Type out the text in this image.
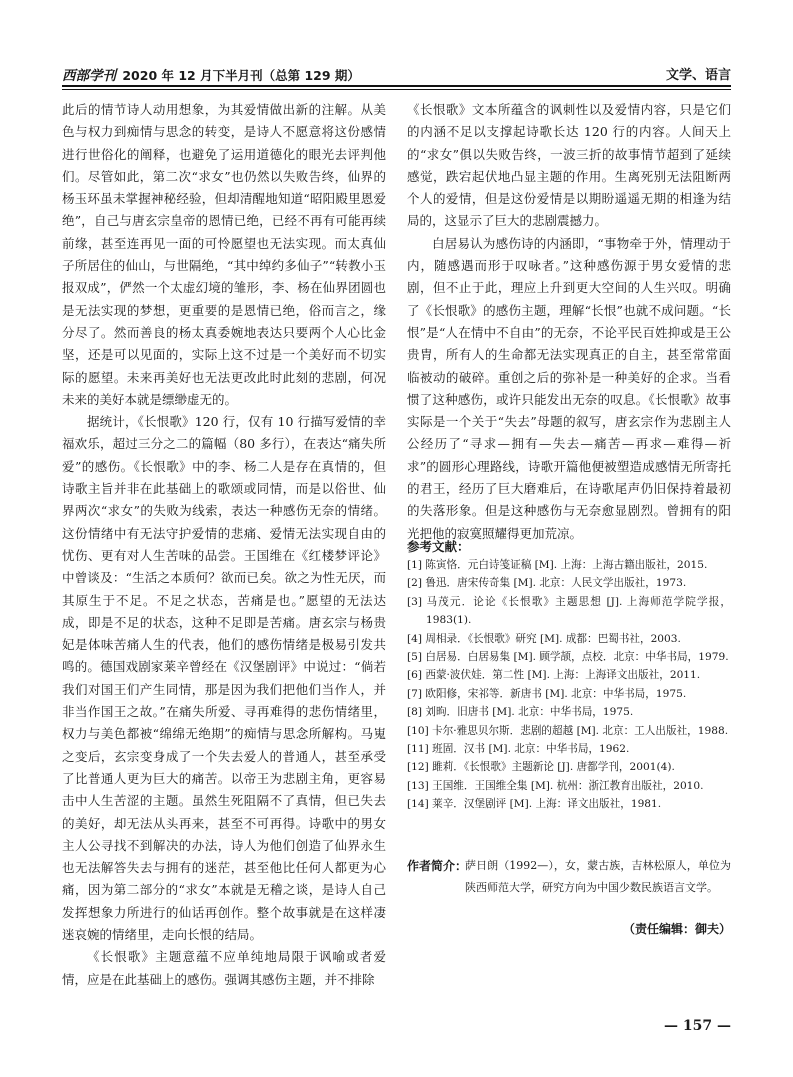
西部学刊 2020 年 12 月下半月刊（总第 129 期）	文学、语言

此后的情节诗人动用想象，为其爱情做出新的注解。从美色与权力到痴情与思念的转变，是诗人不愿意将这份感情进行世俗化的阐释，也避免了运用道德化的眼光去评判他们。尽管如此，第二次“求女”也仍然以失败告终，仙界的杨玉环虽未掌握神秘经验，但却清醒地知道“昭阳殿里恩爱绝”，自己与唐玄宗皇帝的恩情已绝，已经不再有可能再续前缘，甚至连再见一面的可怜愿望也无法实现。而太真仙子所居住的仙山，与世隔绝，“其中绰约多仙子”“转教小玉报双成”，俨然一个太虚幻境的雏形，李、杨在仙界团圆也是无法实现的梦想，更重要的是恩情已绝，俗而言之，缘分尽了。然而善良的杨太真委婉地表达只要两个人心比金坚，还是可以见面的，实际上这不过是一个美好而不切实际的愿望。未来再美好也无法更改此时此刻的悲剧，何况未来的美好本就是缥缈虚无的。

据统计，《长恨歌》120 行，仅有 10 行描写爱情的幸福欢乐，超过三分之二的篇幅（80 多行），在表达“痛失所爱”的感伤。《长恨歌》中的李、杨二人是存在真情的，但诗歌主旨并非在此基础上的歌颂或同情，而是以俗世、仙界两次“求女”的失败为线索，表达一种感伤无奈的情绪。这份情绪中有无法守护爱情的悲痛、爱情无法实现自由的忧伤、更有对人生苦味的品尝。王国维在《红楼梦评论》中曾谈及：“生活之本质何？欲而已矣。欲之为性无厌，而其原生于不足。不足之状态，苦痛是也。”愿望的无法达成，即是不足的状态，这种不足即是苦痛。唐玄宗与杨贵妃是体味苦痛人生的代表，他们的感伤情绪是极易引发共鸣的。德国戏剧家莱辛曾经在《汉堡剧评》中说过：“倘若我们对国王们产生同情，那是因为我们把他们当作人，并非当作国王之故。”在痛失所爱、寻再难得的悲伤情绪里，权力与美色都被“绵绵无绝期”的痴情与思念所解构。马嵬之变后，玄宗变身成了一个失去爱人的普通人，甚至承受了比普通人更为巨大的痛苦。以帝王为悲剧主角，更容易击中人生苦涩的主题。虽然生死阻隔不了真情，但已失去的美好，却无法从头再来，甚至不可再得。诗歌中的男女主人公寻找不到解决的办法，诗人为他们创造了仙界永生也无法解答失去与拥有的迷茫，甚至他比任何人都更为心痛，因为第二部分的“求女”本就是无稽之谈，是诗人自己发挥想象力所进行的仙话再创作。整个故事就是在这样凄迷哀婉的情绪里，走向长恨的结局。

《长恨歌》主题意蕴不应单纯地局限于讽喻或者爱情，应是在此基础上的感伤。强调其感伤主题，并不排除

《长恨歌》文本所蕴含的讽刺性以及爱情内容，只是它们的内涵不足以支撑起诗歌长达 120 行的内容。人间天上的“求女”俱以失败告终，一波三折的故事情节超到了延续感觉，跌宕起伏地凸显主题的作用。生离死别无法阻断两个人的爱情，但是这份爱情是以期盼遥遥无期的相逢为结局的，这显示了巨大的悲剧震撼力。

白居易认为感伤诗的内涵即，“事物牵于外，情理动于内，随感遇而形于叹咏者。”这种感伤源于男女爱情的悲剧，但不止于此，理应上升到更大空间的人生兴叹。明确了《长恨歌》的感伤主题，理解“长恨”也就不成问题。“长恨”是“人在情中不自由”的无奈，不论平民百姓抑或是王公贵胄，所有人的生命都无法实现真正的自主，甚至常常面临被动的破碎。重创之后的弥补是一种美好的企求。当看惯了这种感伤，或许只能发出无奈的叹息。《长恨歌》故事实际是一个关于“失去”母题的叙写，唐玄宗作为悲剧主人公经历了“寻求—拥有—失去—痛苦—再求—难得—祈求”的圆形心理路线，诗歌开篇他便被塑造成感情无所寄托的君王，经历了巨大磨难后，在诗歌尾声仍旧保持着最初的失落形象。但是这种感伤与无奈愈显剧烈。曾拥有的阳光把他的寂寞照耀得更加荒凉。

参考文献：
[1] 陈寅恪．元白诗笺证稿 [M]. 上海：上海古籍出版社，2015.
[2] 鲁迅．唐宋传奇集 [M]. 北京：人民文学出版社，1973.
[3] 马茂元．论论《长恨歌》主题思想 [J]. 上海师范学院学报，1983(1).
[4] 周相录．《长恨歌》研究 [M]. 成都：巴蜀书社，2003.
[5] 白居易．白居易集 [M]. 顾学颉，点校．北京：中华书局，1979.
[6] 西蒙·波伏娃．第二性 [M]. 上海：上海译文出版社，2011.
[7] 欧阳修，宋祁等．新唐书 [M]. 北京：中华书局，1975.
[8] 刘昫．旧唐书 [M]. 北京：中华书局，1975.
[10] 卡尔·雅思贝尔斯．悲剧的超越 [M]. 北京：工人出版社，1988.
[11] 班固．汉书 [M]. 北京：中华书局，1962.
[12] 雎莉．《长恨歌》主题新论 [J]. 唐都学刊，2001(4).
[13] 王国维．王国维全集 [M]. 杭州：浙江教育出版社，2010.
[14] 莱辛．汉堡剧评 [M]. 上海：译文出版社，1981.
作者简介：
萨日朗（1992—），女，蒙古族，吉林松原人，单位为陕西师范大学，研究方向为中国少数民族语言文学。
（责任编辑：御夫）
— 157 —
